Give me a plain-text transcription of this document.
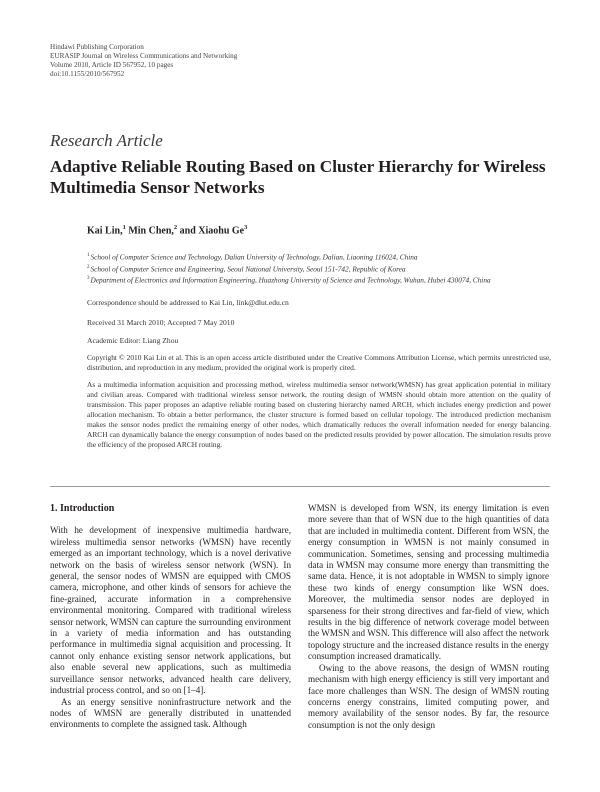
Hindawi Publishing Corporation
EURASIP Journal on Wireless Communications and Networking
Volume 2010, Article ID 567952, 10 pages
doi:10.1155/2010/567952
Research Article
Adaptive Reliable Routing Based on Cluster Hierarchy for Wireless Multimedia Sensor Networks
Kai Lin,$^1$ Min Chen,$^2$ and Xiaohu Ge$^3$
$^1$School of Computer Science and Technology, Dalian University of Technology, Dalian, Liaoning 116024, China
$^2$School of Computer Science and Engineering, Seoul National University, Seoul 151-742, Republic of Korea
$^3$Department of Electronics and Information Engineering, Huazhong University of Science and Technology, Wuhan, Hubei 430074, China
Correspondence should be addressed to Kai Lin, link@dlut.edu.cn
Received 31 March 2010; Accepted 7 May 2010
Academic Editor: Liang Zhou
Copyright © 2010 Kai Lin et al. This is an open access article distributed under the Creative Commons Attribution License, which permits unrestricted use, distribution, and reproduction in any medium, provided the original work is properly cited.
As a multimedia information acquisition and processing method, wireless multimedia sensor network(WMSN) has great application potential in military and civilian areas. Compared with traditional wireless sensor network, the routing design of WMSN should obtain more attention on the quality of transmission. This paper proposes an adaptive reliable routing based on clustering hierarchy named ARCH, which includes energy prediction and power allocation mechanism. To obtain a better performance, the cluster structure is formed based on cellular topology. The introduced prediction mechanism makes the sensor nodes predict the remaining energy of other nodes, which dramatically reduces the overall information needed for energy balancing. ARCH can dynamically balance the energy consumption of nodes based on the predicted results provided by power allocation. The simulation results prove the efficiency of the proposed ARCH routing.
1. Introduction

With he development of inexpensive multimedia hardware, wireless multimedia sensor networks (WMSN) have recently emerged as an important technology, which is a novel derivative network on the basis of wireless sensor network (WSN). In general, the sensor nodes of WMSN are equipped with CMOS camera, microphone, and other kinds of sensors for achieve the fine-grained, accurate information in a comprehensive environmental monitoring. Compared with traditional wireless sensor network, WMSN can capture the surrounding environment in a variety of media information and has outstanding performance in multimedia signal acquisition and processing. It cannot only enhance existing sensor network applications, but also enable several new applications, such as multimedia surveillance sensor networks, advanced health care delivery, industrial process control, and so on [1–4].

As an energy sensitive noninfrastructure network and the nodes of WMSN are generally distributed in unattended environments to complete the assigned task. Although

WMSN is developed from WSN, its energy limitation is even more severe than that of WSN due to the high quantities of data that are included in multimedia content. Different from WSN, the energy consumption in WMSN is not mainly consumed in communication. Sometimes, sensing and processing multimedia data in WMSN may consume more energy than transmitting the same data. Hence, it is not adoptable in WMSN to simply ignore these two kinds of energy consumption like WSN does. Moreover, the multimedia sensor nodes are deployed in sparseness for their strong directives and far-field of view, which results in the big difference of network coverage model between the WMSN and WSN. This difference will also affect the network topology structure and the increased distance results in the energy consumption increased dramatically.

Owing to the above reasons, the design of WMSN routing mechanism with high energy efficiency is still very important and face more challenges than WSN. The design of WMSN routing concerns energy constrains, limited computing power, and memory availability of the sensor nodes. By far, the resource consumption is not the only design
